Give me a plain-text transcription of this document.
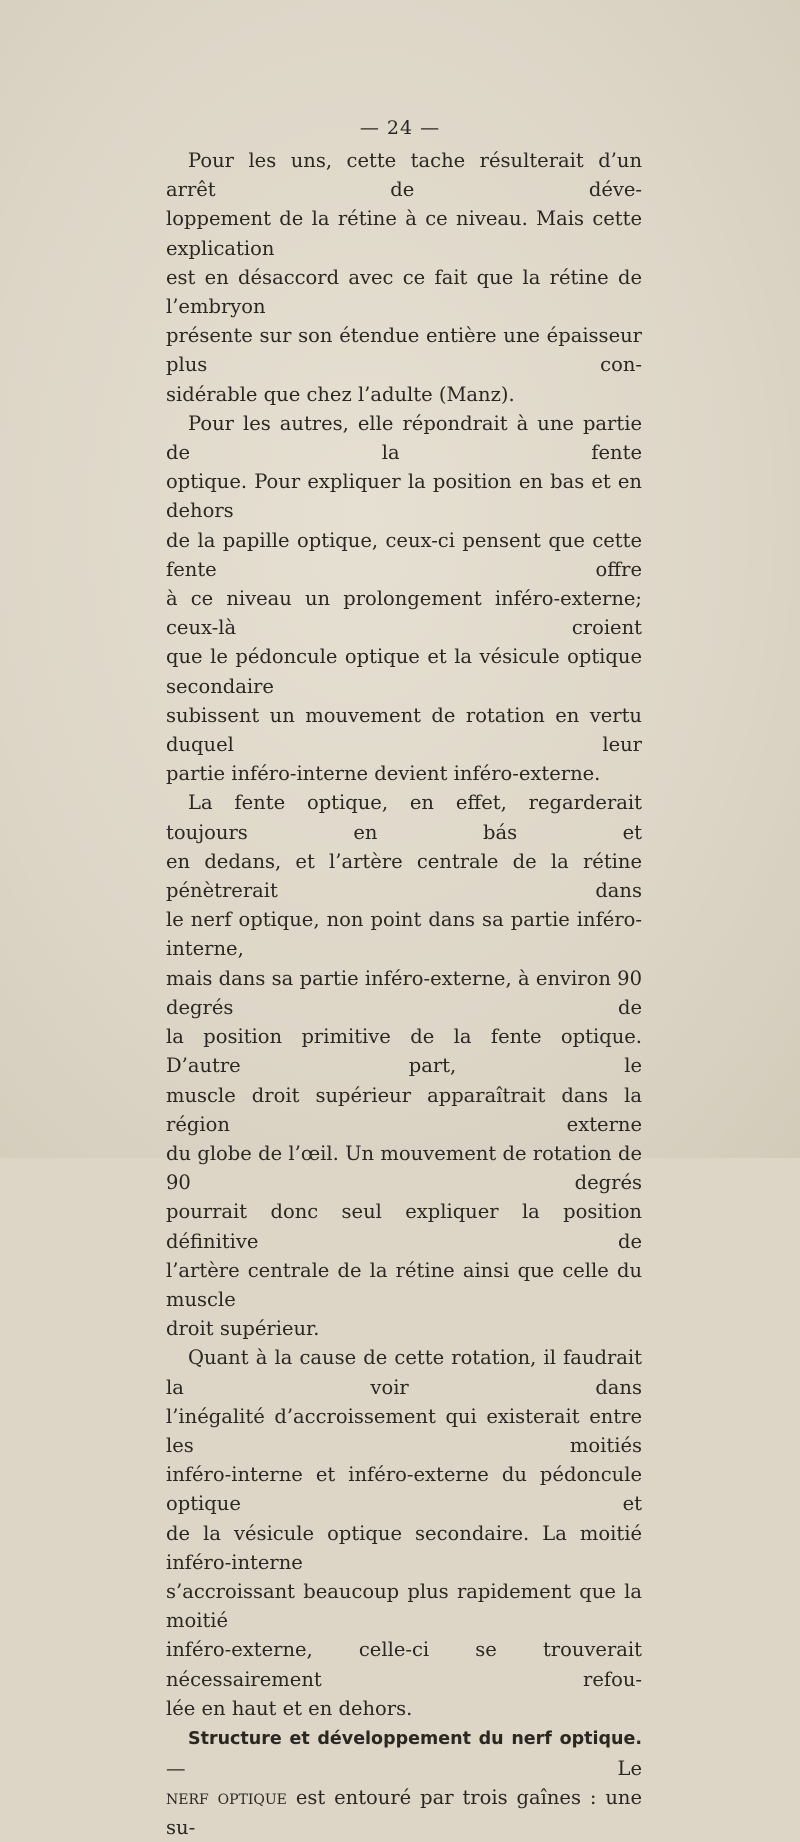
— 24 —

Pour les uns, cette tache résulterait d’un arrêt de déve-

loppement de la rétine à ce niveau. Mais cette explication

est en désaccord avec ce fait que la rétine de l’embryon

présente sur son étendue entière une épaisseur plus con-

sidérable que chez l’adulte (Manz).

Pour les autres, elle répondrait à une partie de la fente

optique. Pour expliquer la position en bas et en dehors

de la papille optique, ceux-ci pensent que cette fente offre

à ce niveau un prolongement inféro-externe; ceux-là croient

que le pédoncule optique et la vésicule optique secondaire

subissent un mouvement de rotation en vertu duquel leur

partie inféro-interne devient inféro-externe.

La fente optique, en effet, regarderait toujours en bás et

en dedans, et l’artère centrale de la rétine pénètrerait dans

le nerf optique, non point dans sa partie inféro-interne,

mais dans sa partie inféro-externe, à environ 90 degrés de

la position primitive de la fente optique. D’autre part, le

muscle droit supérieur apparaîtrait dans la région externe

du globe de l’œil. Un mouvement de rotation de 90 degrés

pourrait donc seul expliquer la position définitive de

l’artère centrale de la rétine ainsi que celle du muscle

droit supérieur.

Quant à la cause de cette rotation, il faudrait la voir dans

l’inégalité d’accroissement qui existerait entre les moitiés

inféro-interne et inféro-externe du pédoncule optique et

de la vésicule optique secondaire. La moitié inféro-interne

s’accroissant beaucoup plus rapidement que la moitié

inféro-externe, celle-ci se trouverait nécessairement refou-

lée en haut et en dehors.

Structure et développement du nerf optique. — Le

nerf optique est entouré par trois gaînes : une su-
